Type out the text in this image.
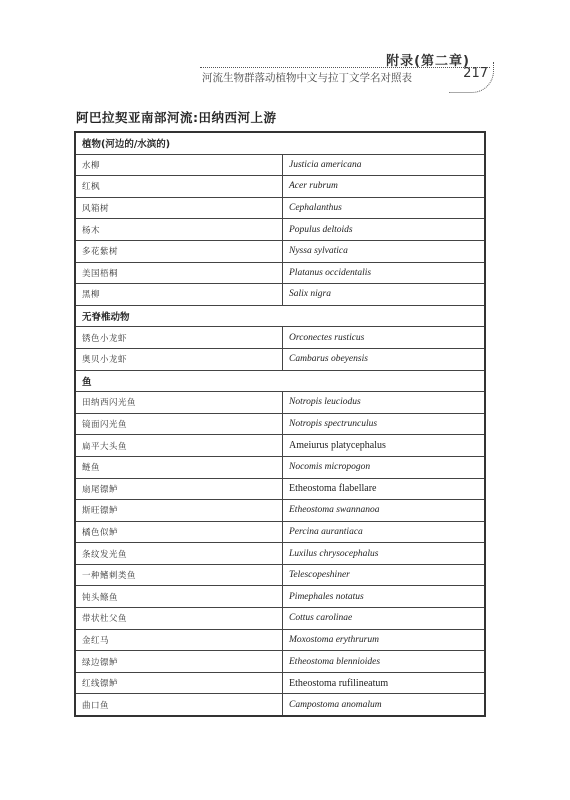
附录(第二章)
河流生物群落动植物中文与拉丁文学名对照表	217
阿巴拉契亚南部河流:田纳西河上游
植物(河边的/水滨的)	
水柳	Justicia americana
红枫	Acer rubrum
风箱树	Cephalanthus
杨木	Populus deltoids
多花紫树	Nyssa sylvatica
美国梧桐	Platanus occidentalis
黑柳	Salix nigra
无脊椎动物	
锈色小龙虾	Orconectes rusticus
奥贝小龙虾	Cambarus obeyensis
鱼	
田纳西闪光鱼	Notropis leuciodus
镜面闪光鱼	Notropis spectrunculus
扁平大头鱼	Ameiurus platycephalus
鲢鱼	Nocomis micropogon
扇尾镖鲈	Etheostoma flabellare
斯旺镖鲈	Etheostoma swannanoa
橘色似鲈	Percina aurantiaca
条纹发光鱼	Luxilus chrysocephalus
一种鳍刺类鱼	Telescopeshiner
钝头鲦鱼	Pimephales notatus
带状杜父鱼	Cottus carolinae
金红马	Moxostoma erythrurum
绿边镖鲈	Etheostoma blennioides
红线镖鲈	Etheostoma rufilineatum
曲口鱼	Campostoma anomalum
